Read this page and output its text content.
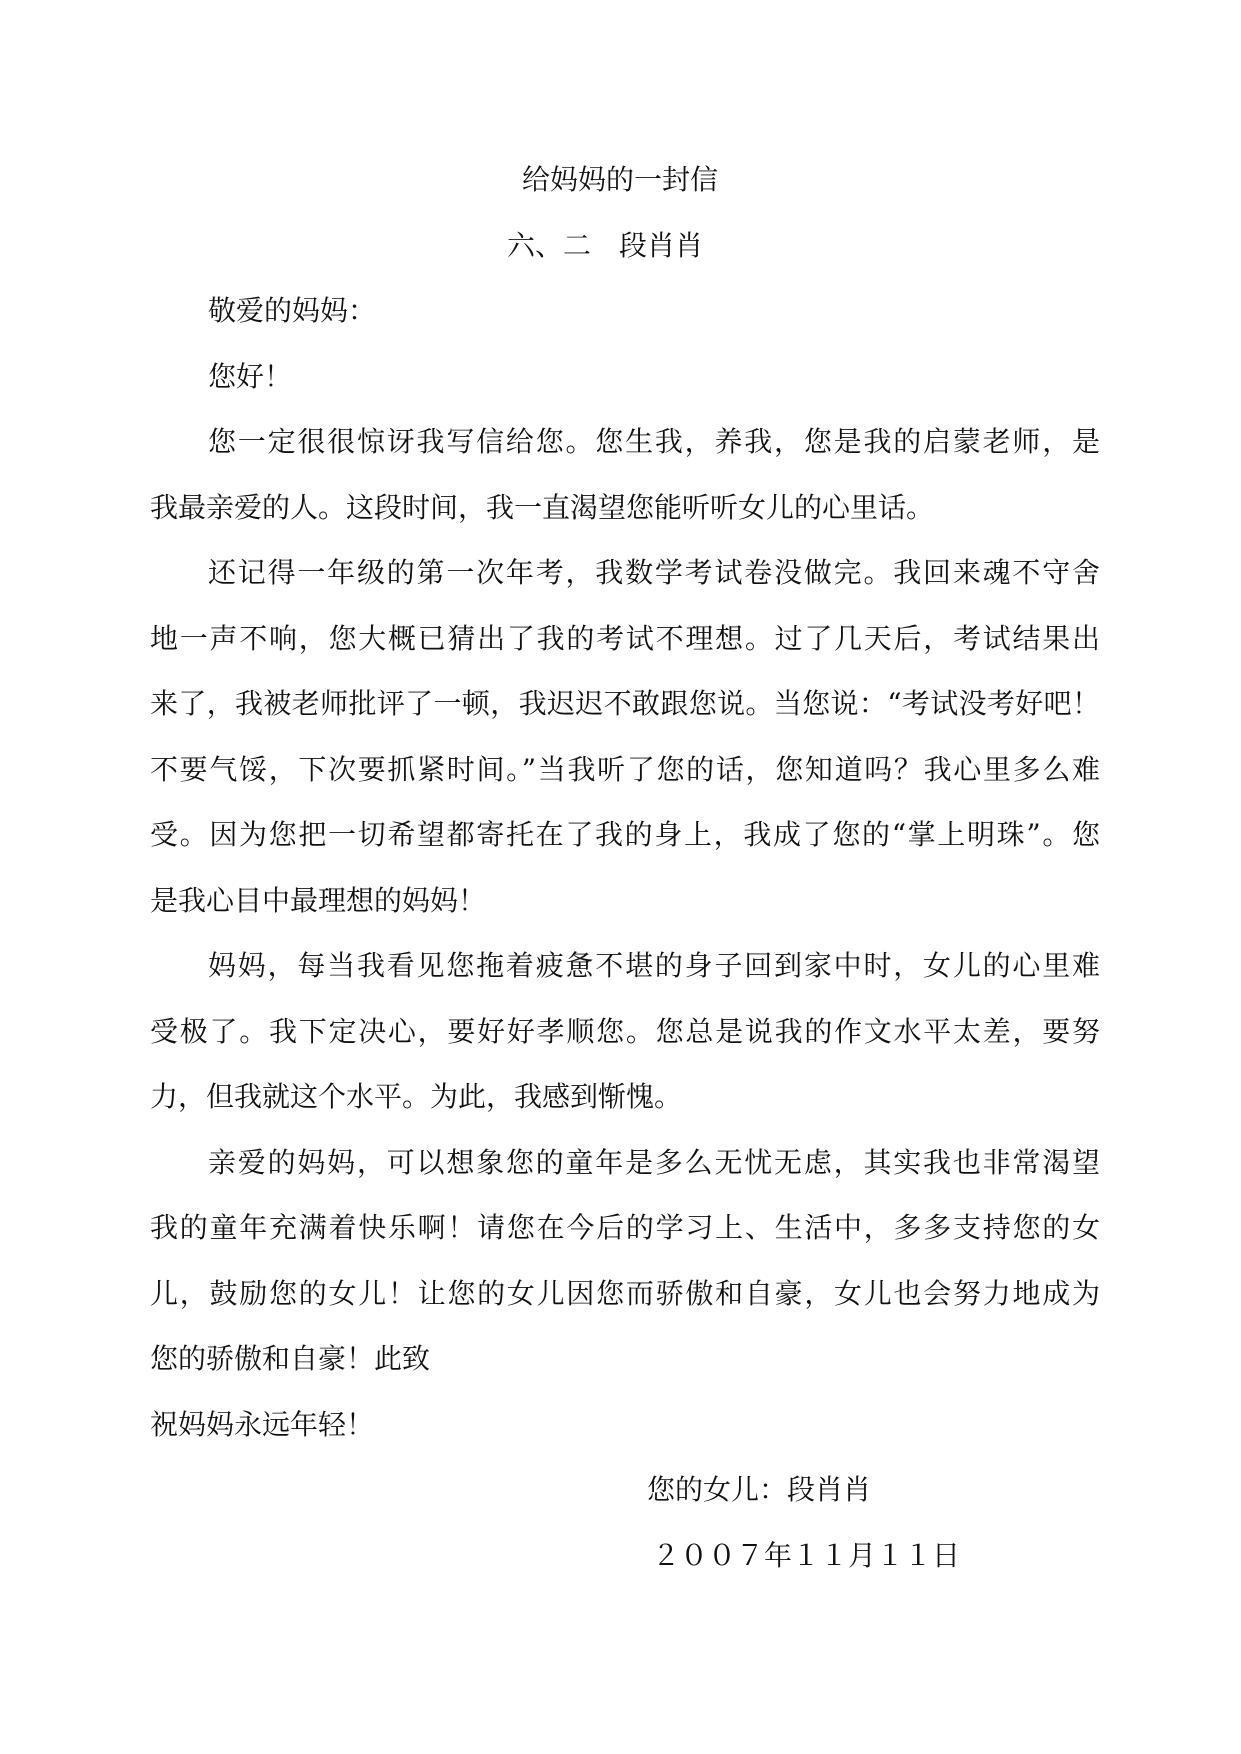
给妈妈的一封信
六、二　段肖肖
敬爱的妈妈：
您好！
您一定很很惊讶我写信给您。您生我，养我，您是我的启蒙老师，是
我最亲爱的人。这段时间，我一直渴望您能听听女儿的心里话。
还记得一年级的第一次年考，我数学考试卷没做完。我回来魂不守舍
地一声不响，您大概已猜出了我的考试不理想。过了几天后，考试结果出
来了，我被老师批评了一顿，我迟迟不敢跟您说。当您说：“考试没考好吧！
不要气馁，下次要抓紧时间。”当我听了您的话，您知道吗？我心里多么难
受。因为您把一切希望都寄托在了我的身上，我成了您的“掌上明珠”。您
是我心目中最理想的妈妈！
妈妈，每当我看见您拖着疲惫不堪的身子回到家中时，女儿的心里难
受极了。我下定决心，要好好孝顺您。您总是说我的作文水平太差，要努
力，但我就这个水平。为此，我感到惭愧。
亲爱的妈妈，可以想象您的童年是多么无忧无虑，其实我也非常渴望
我的童年充满着快乐啊！请您在今后的学习上、生活中，多多支持您的女
儿，鼓励您的女儿！让您的女儿因您而骄傲和自豪，女儿也会努力地成为
您的骄傲和自豪！此致
祝妈妈永远年轻！
您的女儿：段肖肖
２００７年１１月１１日
